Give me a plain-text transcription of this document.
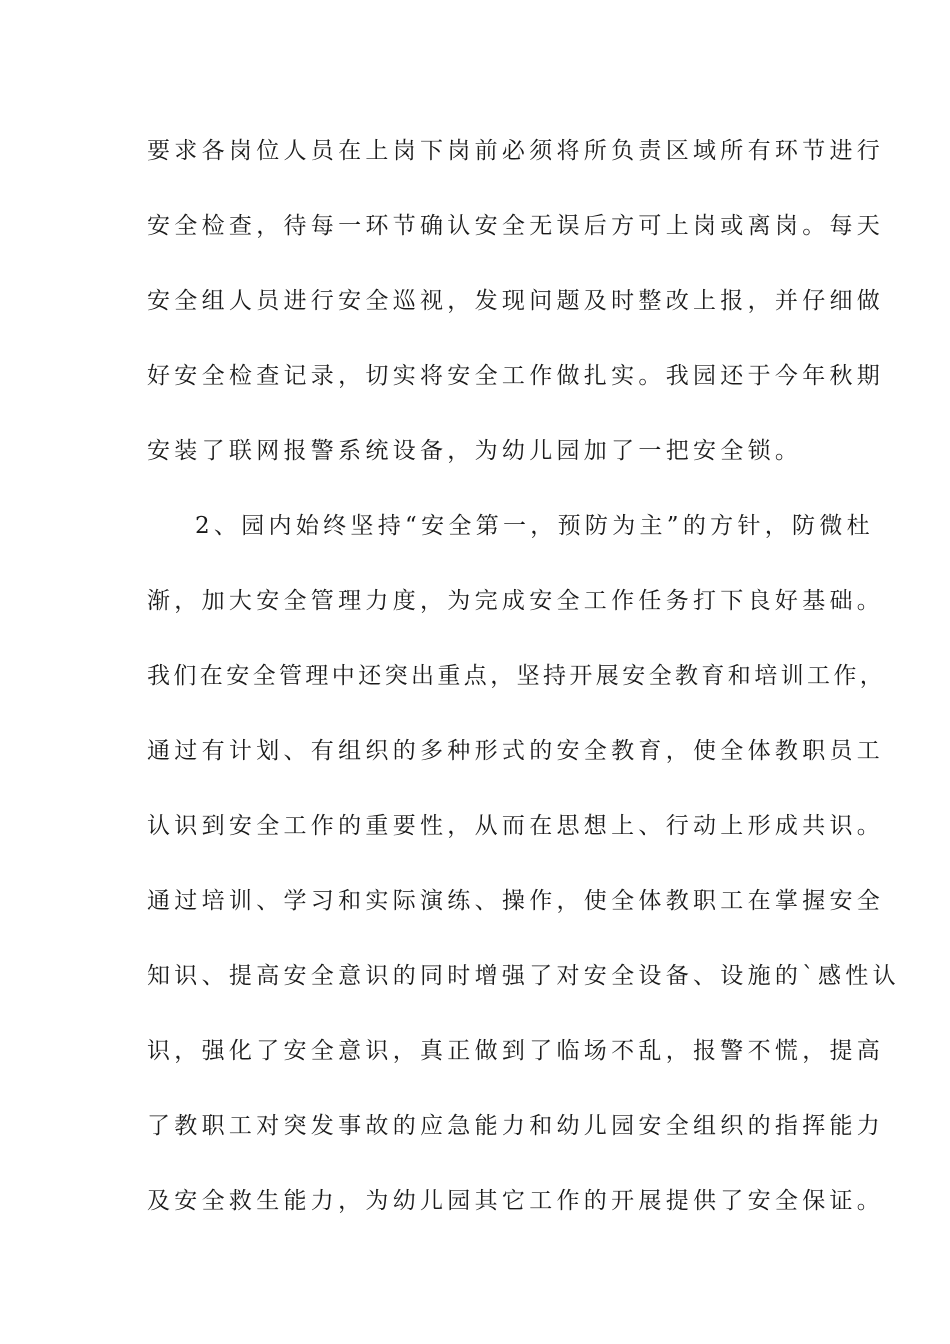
要求各岗位人员在上岗下岗前必须将所负责区域所有环节进行
安全检查，待每一环节确认安全无误后方可上岗或离岗。每天
安全组人员进行安全巡视，发现问题及时整改上报，并仔细做
好安全检查记录，切实将安全工作做扎实。我园还于今年秋期
安装了联网报警系统设备，为幼儿园加了一把安全锁。
2、园内始终坚持“安全第一，预防为主”的方针，防微杜
渐，加大安全管理力度，为完成安全工作任务打下良好基础。
我们在安全管理中还突出重点，坚持开展安全教育和培训工作，
通过有计划、有组织的多种形式的安全教育，使全体教职员工
认识到安全工作的重要性，从而在思想上、行动上形成共识。
通过培训、学习和实际演练、操作，使全体教职工在掌握安全
知识、提高安全意识的同时增强了对安全设备、设施的`感性认
识，强化了安全意识，真正做到了临场不乱，报警不慌，提高
了教职工对突发事故的应急能力和幼儿园安全组织的指挥能力
及安全救生能力，为幼儿园其它工作的开展提供了安全保证。
